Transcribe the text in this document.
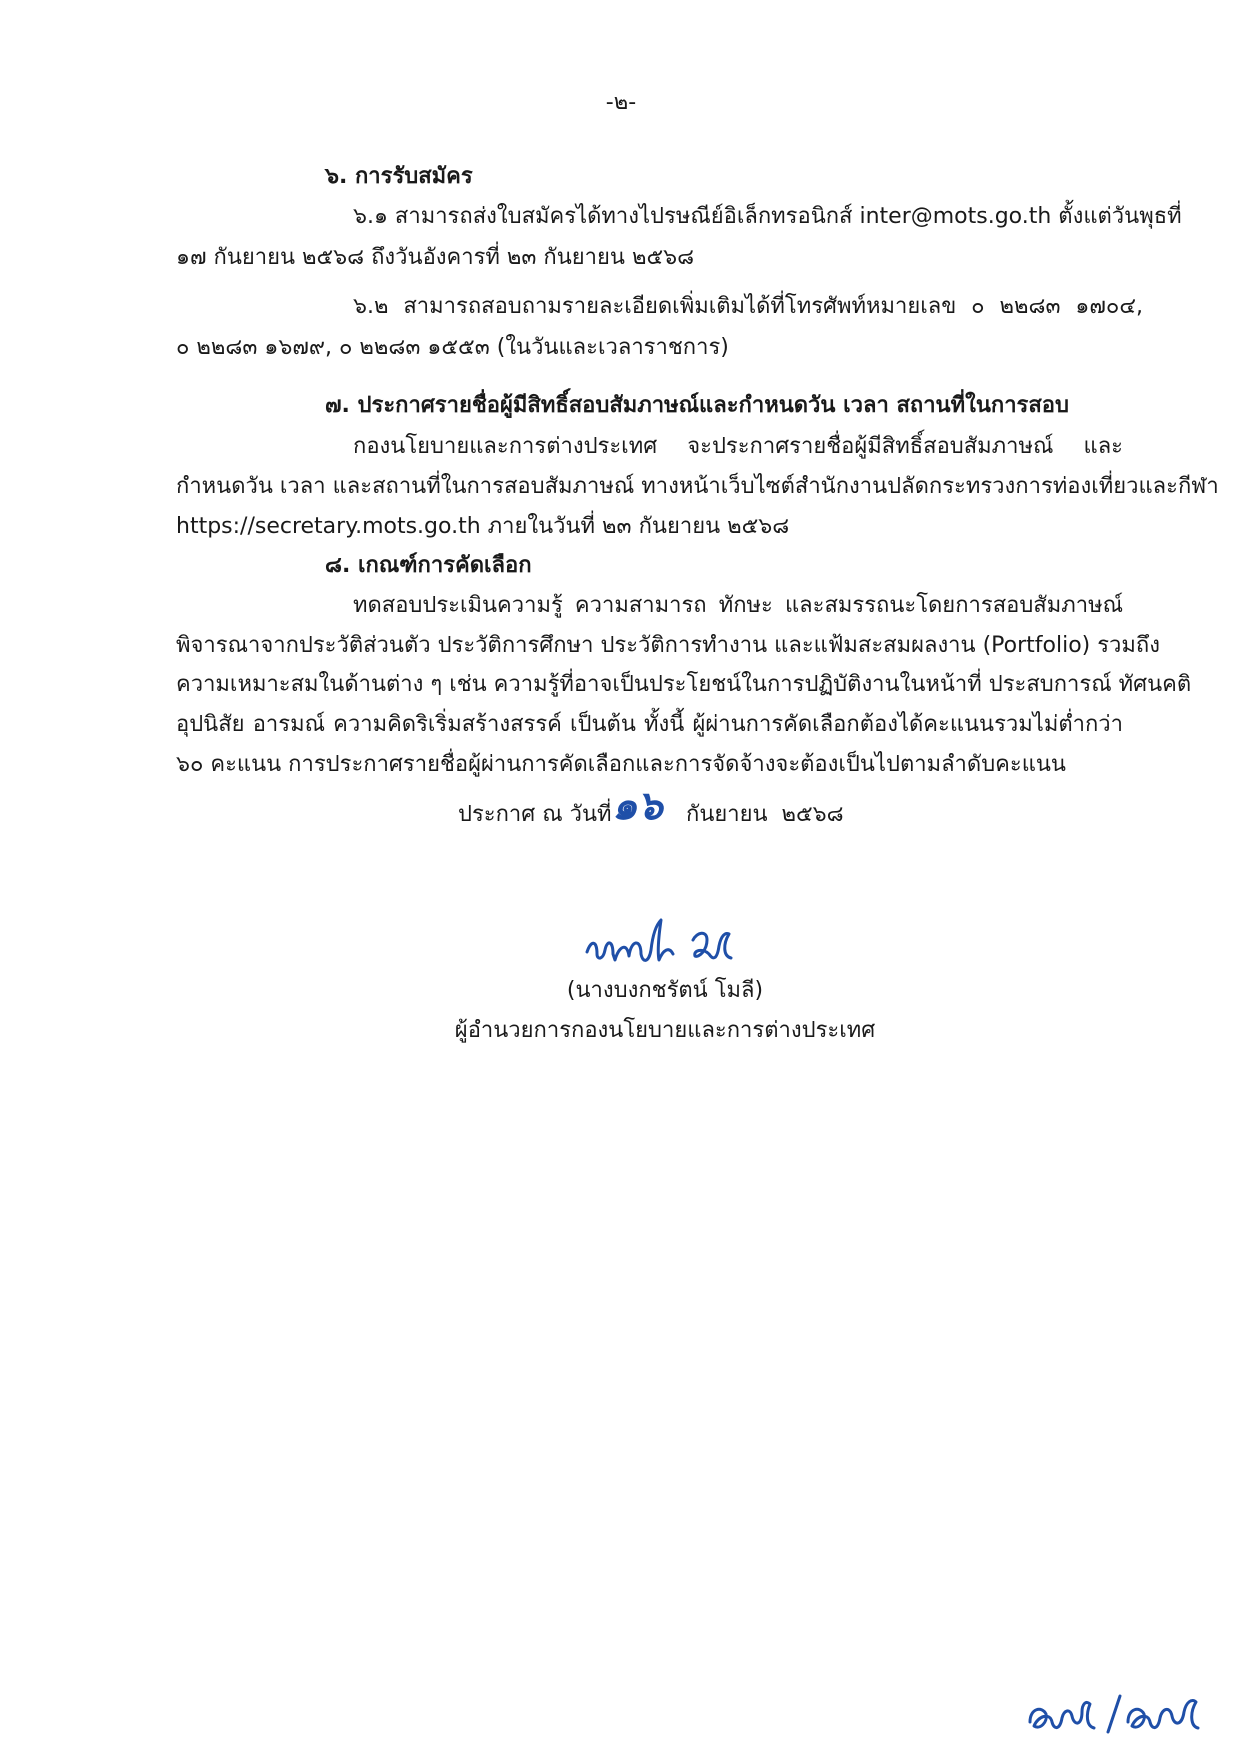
-๒-
๖. การรับสมัคร
๖.๑ สามารถส่งใบสมัครได้ทางไปรษณีย์อิเล็กทรอนิกส์ inter@mots.go.th ตั้งแต่วันพุธที่
๑๗ กันยายน ๒๕๖๘ ถึงวันอังคารที่ ๒๓ กันยายน ๒๕๖๘
๖.๒ สามารถสอบถามรายละเอียดเพิ่มเติมได้ที่โทรศัพท์หมายเลข ๐ ๒๒๘๓ ๑๗๐๔,
๐ ๒๒๘๓ ๑๖๗๙, ๐ ๒๒๘๓ ๑๕๕๓ (ในวันและเวลาราชการ)
๗. ประกาศรายชื่อผู้มีสิทธิ์สอบสัมภาษณ์และกำหนดวัน เวลา สถานที่ในการสอบ
กองนโยบายและการต่างประเทศ จะประกาศรายชื่อผู้มีสิทธิ์สอบสัมภาษณ์ และ
กำหนดวัน เวลา และสถานที่ในการสอบสัมภาษณ์ ทางหน้าเว็บไซต์สำนักงานปลัดกระทรวงการท่องเที่ยวและกีฬา
https://secretary.mots.go.th ภายในวันที่ ๒๓ กันยายน ๒๕๖๘
๘. เกณฑ์การคัดเลือก
ทดสอบประเมินความรู้ ความสามารถ ทักษะ และสมรรถนะโดยการสอบสัมภาษณ์
พิจารณาจากประวัติส่วนตัว ประวัติการศึกษา ประวัติการทำงาน และแฟ้มสะสมผลงาน (Portfolio) รวมถึง
ความเหมาะสมในด้านต่าง ๆ เช่น ความรู้ที่อาจเป็นประโยชน์ในการปฏิบัติงานในหน้าที่ ประสบการณ์ ทัศนคติ
อุปนิสัย อารมณ์ ความคิดริเริ่มสร้างสรรค์ เป็นต้น ทั้งนี้ ผู้ผ่านการคัดเลือกต้องได้คะแนนรวมไม่ต่ำกว่า
๖๐ คะแนน การประกาศรายชื่อผู้ผ่านการคัดเลือกและการจัดจ้างจะต้องเป็นไปตามลำดับคะแนน
ประกาศ ณ วันที่ ๑๖ กันยายน  ๒๕๖๘
(นางบงกชรัตน์ โมลี)
ผู้อำนวยการกองนโยบายและการต่างประเทศ
